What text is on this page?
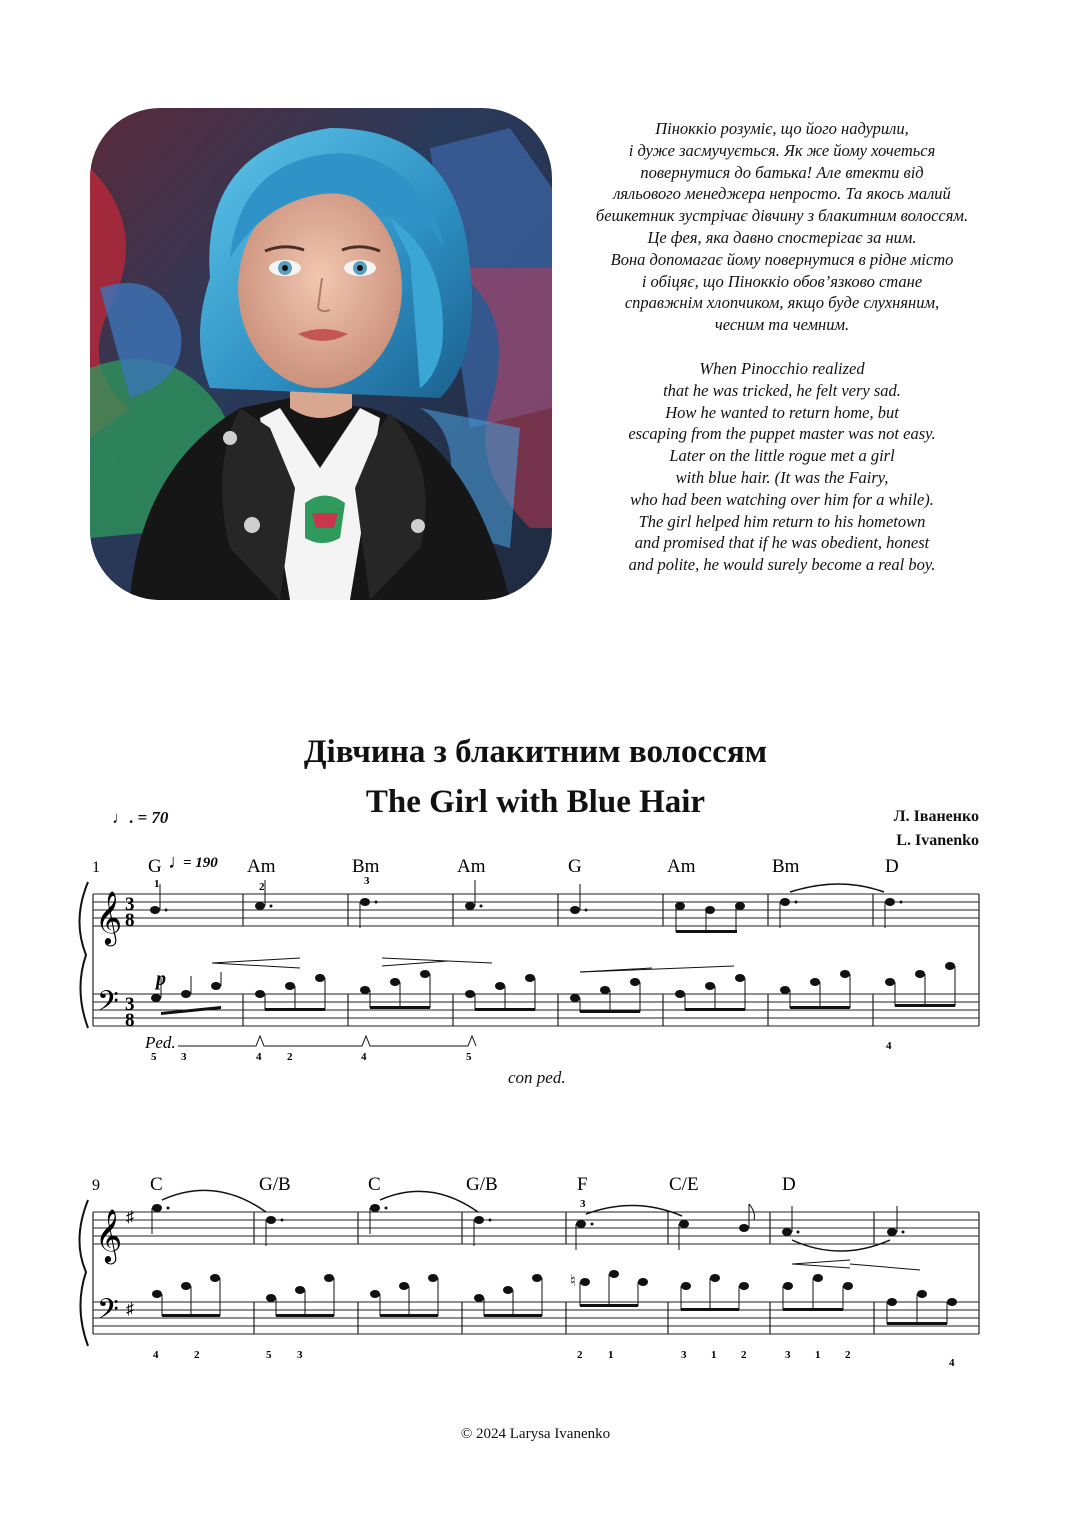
Піноккіо розуміє, що його надурили,

і дуже засмучується. Як же йому хочеться

повернутися до батька! Але втекти від

ляльового менеджера непросто. Та якось малий

бешкетник зустрічає дівчину з блакитним волоссям.

Це фея, яка давно спостерігає за ним.

Вона допомагає йому повернутися в рідне місто

і обіцяє, що Піноккіо обов’язково стане

справжнім хлопчиком, якщо буде слухняним,

чесним та чемним.

When Pinocchio realized

that he was tricked, he felt very sad.

How he wanted to return home, but

escaping from the puppet master was not easy.

Later on the little rogue met a girl

with blue hair. (It was the Fairy,

who had been watching over him for a while).

The girl helped him return to his hometown

and promised that if he was obedient, honest

and polite, he would surely become a real boy.

Дівчина з блакитним волоссям
The Girl with Blue Hair	Л. Іваненко
L. Ivanenko
♩. = 70
1	♩
= 190
𝄞
𝄢
3
8
3
8
G	Am	Bm	Am	G	Am	Bm	D
1	2	3
p
Ped.
5 3	4 2	4	5
4
9
𝄞
𝄢
♯
♯
C	G/B	C	G/B	F	C/E	D
3
♮
4	2	5 3	2 1	3 1 2	3 1 2
4
con ped.
© 2024 Larysa Ivanenko
